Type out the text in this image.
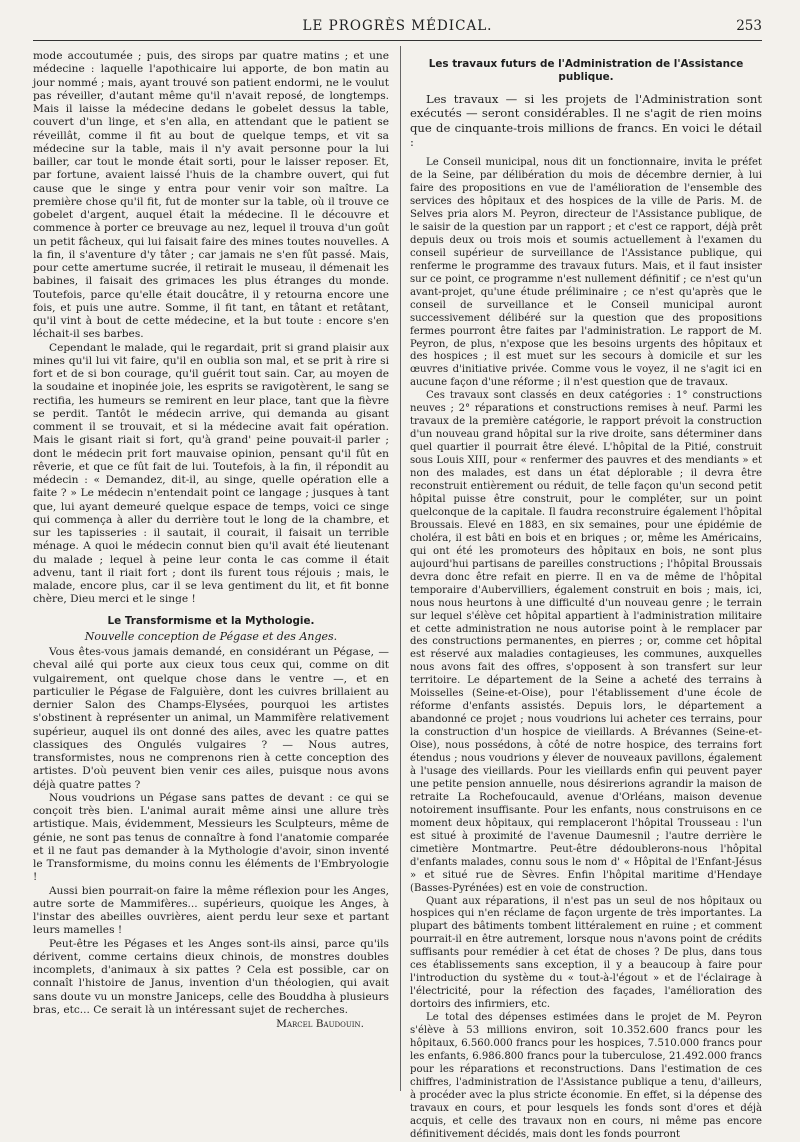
LE PROGRÈS MÉDICAL.	253

mode accoutumée ; puis, des sirops par quatre matins ; et une médecine : laquelle l'apothicaire lui apporte, de bon matin au jour nommé ; mais, ayant trouvé son patient endormi, ne le voulut pas réveiller, d'autant même qu'il n'avait reposé, de longtemps. Mais il laisse la médecine dedans le gobelet dessus la table, couvert d'un linge, et s'en alla, en attendant que le patient se réveillât, comme il fit au bout de quelque temps, et vit sa médecine sur la table, mais il n'y avait personne pour la lui bailler, car tout le monde était sorti, pour le laisser reposer. Et, par fortune, avaient laissé l'huis de la chambre ouvert, qui fut cause que le singe y entra pour venir voir son maître. La première chose qu'il fit, fut de monter sur la table, où il trouve ce gobelet d'argent, auquel était la médecine. Il le découvre et commence à porter ce breuvage au nez, lequel il trouva d'un goût un petit fâcheux, qui lui faisait faire des mines toutes nouvelles. A la fin, il s'aventure d'y tâter ; car jamais ne s'en fût passé. Mais, pour cette amertume sucrée, il retirait le museau, il démenait les babines, il faisait des grimaces les plus étranges du monde. Toutefois, parce qu'elle était doucâtre, il y retourna encore une fois, et puis une autre. Somme, il fit tant, en tâtant et retâtant, qu'il vint à bout de cette médecine, et la but toute : encore s'en léchait-il ses barbes.

Cependant le malade, qui le regardait, prit si grand plaisir aux mines qu'il lui vit faire, qu'il en oublia son mal, et se prit à rire si fort et de si bon courage, qu'il guérit tout sain. Car, au moyen de la soudaine et inopinée joie, les esprits se ravigotèrent, le sang se rectifia, les humeurs se remirent en leur place, tant que la fièvre se perdit. Tantôt le médecin arrive, qui demanda au gisant comment il se trouvait, et si la médecine avait fait opération. Mais le gisant riait si fort, qu'à grand' peine pouvait-il parler ; dont le médecin prit fort mauvaise opinion, pensant qu'il fût en rêverie, et que ce fût fait de lui. Toutefois, à la fin, il répondit au médecin : « Demandez, dit-il, au singe, quelle opération elle a faite ? » Le médecin n'entendait point ce langage ; jusques à tant que, lui ayant demeuré quelque espace de temps, voici ce singe qui commença à aller du derrière tout le long de la chambre, et sur les tapisseries : il sautait, il courait, il faisait un terrible ménage. A quoi le médecin connut bien qu'il avait été lieutenant du malade ; lequel à peine leur conta le cas comme il était advenu, tant il riait fort ; dont ils furent tous réjouis ; mais, le malade, encore plus, car il se leva gentiment du lit, et fit bonne chère, Dieu merci et le singe !

Le Transformisme et la Mythologie.
Nouvelle conception de Pégase et des Anges.

Vous êtes-vous jamais demandé, en considérant un Pégase, — cheval ailé qui porte aux cieux tous ceux qui, comme on dit vulgairement, ont quelque chose dans le ventre —, et en particulier le Pégase de Falguière, dont les cuivres brillaient au dernier Salon des Champs-Elysées, pourquoi les artistes s'obstinent à représenter un animal, un Mammifère relativement supérieur, auquel ils ont donné des ailes, avec les quatre pattes classiques des Ongulés vulgaires ? — Nous autres, transformistes, nous ne comprenons rien à cette conception des artistes. D'où peuvent bien venir ces ailes, puisque nous avons déjà quatre pattes ?

Nous voudrions un Pégase sans pattes de devant : ce qui se conçoit très bien. L'animal aurait même ainsi une allure très artistique. Mais, évidemment, Messieurs les Sculpteurs, même de génie, ne sont pas tenus de connaître à fond l'anatomie comparée et il ne faut pas demander à la Mythologie d'avoir, sinon inventé le Transformisme, du moins connu les éléments de l'Embryologie !

Aussi bien pourrait-on faire la même réflexion pour les Anges, autre sorte de Mammifères... supérieurs, quoique les Anges, à l'instar des abeilles ouvrières, aient perdu leur sexe et partant leurs mamelles !

Peut-être les Pégases et les Anges sont-ils ainsi, parce qu'ils dérivent, comme certains dieux chinois, de monstres doubles incomplets, d'animaux à six pattes ? Cela est possible, car on connaît l'histoire de Janus, invention d'un théologien, qui avait sans doute vu un monstre Janiceps, celle des Bouddha à plusieurs bras, etc... Ce serait là un intéressant sujet de recherches.

Marcel Baudouin.
Les travaux futurs de l'Administration de l'Assistance publique.

Les travaux — si les projets de l'Administration sont exécutés — seront considérables. Il ne s'agit de rien moins que de cinquante-trois millions de francs. En voici le détail :

Le Conseil municipal, nous dit un fonctionnaire, invita le préfet de la Seine, par délibération du mois de décembre dernier, à lui faire des propositions en vue de l'amélioration de l'ensemble des services des hôpitaux et des hospices de la ville de Paris. M. de Selves pria alors M. Peyron, directeur de l'Assistance publique, de le saisir de la question par un rapport ; et c'est ce rapport, déjà prêt depuis deux ou trois mois et soumis actuellement à l'examen du conseil supérieur de surveillance de l'Assistance publique, qui renferme le programme des travaux futurs. Mais, et il faut insister sur ce point, ce programme n'est nullement définitif ; ce n'est qu'un avant-projet, qu'une étude préliminaire ; ce n'est qu'après que le conseil de surveillance et le Conseil municipal auront successivement délibéré sur la question que des propositions fermes pourront être faites par l'administration. Le rapport de M. Peyron, de plus, n'expose que les besoins urgents des hôpitaux et des hospices ; il est muet sur les secours à domicile et sur les œuvres d'initiative privée. Comme vous le voyez, il ne s'agit ici en aucune façon d'une réforme ; il n'est question que de travaux.

Ces travaux sont classés en deux catégories : 1° constructions neuves ; 2° réparations et constructions remises à neuf. Parmi les travaux de la première catégorie, le rapport prévoit la construction d'un nouveau grand hôpital sur la rive droite, sans déterminer dans quel quartier il pourrait être élevé. L'hôpital de la Pitié, construit sous Louis XIII, pour « renfermer des pauvres et des mendiants » et non des malades, est dans un état déplorable ; il devra être reconstruit entièrement ou réduit, de telle façon qu'un second petit hôpital puisse être construit, pour le compléter, sur un point quelconque de la capitale. Il faudra reconstruire également l'hôpital Broussais. Elevé en 1883, en six semaines, pour une épidémie de choléra, il est bâti en bois et en briques ; or, même les Américains, qui ont été les promoteurs des hôpitaux en bois, ne sont plus aujourd'hui partisans de pareilles constructions ; l'hôpital Broussais devra donc être refait en pierre. Il en va de même de l'hôpital temporaire d'Aubervilliers, également construit en bois ; mais, ici, nous nous heurtons à une difficulté d'un nouveau genre ; le terrain sur lequel s'élève cet hôpital appartient à l'administration militaire et cette administration ne nous autorise point à le remplacer par des constructions permanentes, en pierres ; or, comme cet hôpital est réservé aux maladies contagieuses, les communes, auxquelles nous avons fait des offres, s'opposent à son transfert sur leur territoire. Le département de la Seine a acheté des terrains à Moisselles (Seine-et-Oise), pour l'établissement d'une école de réforme d'enfants assistés. Depuis lors, le département a abandonné ce projet ; nous voudrions lui acheter ces terrains, pour la construction d'un hospice de vieillards. A Brévannes (Seine-et-Oise), nous possédons, à côté de notre hospice, des terrains fort étendus ; nous voudrions y élever de nouveaux pavillons, également à l'usage des vieillards. Pour les vieillards enfin qui peuvent payer une petite pension annuelle, nous désirerions agrandir la maison de retraite La Rochefoucauld, avenue d'Orléans, maison devenue notoirement insuffisante. Pour les enfants, nous construisons en ce moment deux hôpitaux, qui remplaceront l'hôpital Trousseau : l'un est situé à proximité de l'avenue Daumesnil ; l'autre derrière le cimetière Montmartre. Peut-être dédoublerons-nous l'hôpital d'enfants malades, connu sous le nom d' « Hôpital de l'Enfant-Jésus » et situé rue de Sèvres. Enfin l'hôpital maritime d'Hendaye (Basses-Pyrénées) est en voie de construction.

Quant aux réparations, il n'est pas un seul de nos hôpitaux ou hospices qui n'en réclame de façon urgente de très importantes. La plupart des bâtiments tombent littéralement en ruine ; et comment pourrait-il en être autrement, lorsque nous n'avons point de crédits suffisants pour remédier à cet état de choses ? De plus, dans tous ces établissements sans exception, il y a beaucoup à faire pour l'introduction du système du « tout-à-l'égout » et de l'éclairage à l'électricité, pour la réfection des façades, l'amélioration des dortoirs des infirmiers, etc.

Le total des dépenses estimées dans le projet de M. Peyron s'élève à 53 millions environ, soit 10.352.600 francs pour les hôpitaux, 6.560.000 francs pour les hospices, 7.510.000 francs pour les enfants, 6.986.800 francs pour la tuberculose, 21.492.000 francs pour les réparations et reconstructions. Dans l'estimation de ces chiffres, l'administration de l'Assistance publique a tenu, d'ailleurs, à procéder avec la plus stricte économie. En effet, si la dépense des travaux en cours, et pour lesquels les fonds sont d'ores et déjà acquis, et celle des travaux non en cours, ni même pas encore définitivement décidés, mais dont les fonds pourront
